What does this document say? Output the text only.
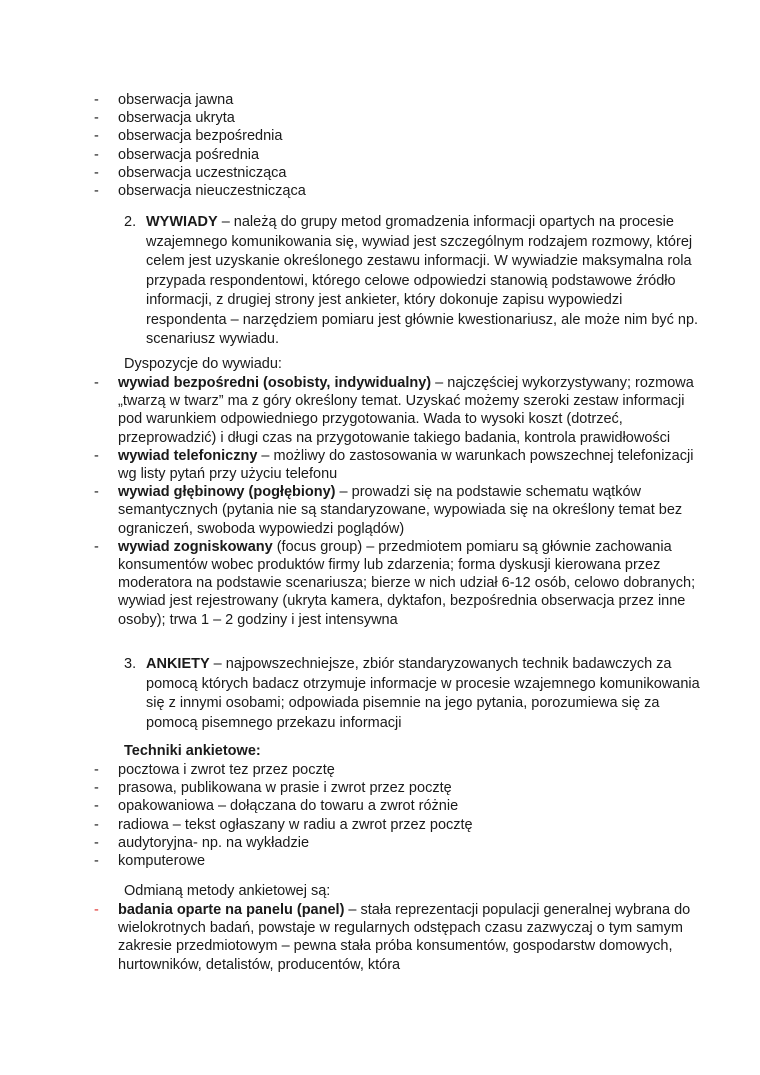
- obserwacja jawna
- obserwacja ukryta
- obserwacja bezpośrednia
- obserwacja pośrednia
- obserwacja uczestnicząca
- obserwacja nieuczestnicząca
2. WYWIADY – należą do grupy metod gromadzenia informacji opartych na procesie wzajemnego komunikowania się, wywiad jest szczególnym rodzajem rozmowy, której celem jest uzyskanie określonego zestawu informacji. W wywiadzie maksymalna rola przypada respondentowi, którego celowe odpowiedzi stanowią podstawowe źródło informacji, z drugiej strony jest ankieter, który dokonuje zapisu wypowiedzi respondenta – narzędziem pomiaru jest głównie kwestionariusz, ale może nim być np. scenariusz wywiadu.
Dyspozycje do wywiadu:
- wywiad bezpośredni (osobisty, indywidualny) – najczęściej wykorzystywany; rozmowa „twarzą w twarz” ma z góry określony temat. Uzyskać możemy szeroki zestaw informacji pod warunkiem odpowiedniego przygotowania. Wada to wysoki koszt (dotrzeć, przeprowadzić) i długi czas na przygotowanie takiego badania, kontrola prawidłowości
- wywiad telefoniczny – możliwy do zastosowania w warunkach powszechnej telefonizacji wg listy pytań przy użyciu telefonu
- wywiad głębinowy (pogłębiony) – prowadzi się na podstawie schematu wątków semantycznych (pytania nie są standaryzowane, wypowiada się na określony temat bez ograniczeń, swoboda wypowiedzi poglądów)
- wywiad zogniskowany (focus group) – przedmiotem pomiaru są głównie zachowania konsumentów wobec produktów firmy lub zdarzenia; forma dyskusji kierowana przez moderatora na podstawie scenariusza; bierze w nich udział 6-12 osób, celowo dobranych; wywiad jest rejestrowany (ukryta kamera, dyktafon, bezpośrednia obserwacja przez inne osoby); trwa 1 – 2 godziny i jest intensywna
3. ANKIETY – najpowszechniejsze, zbiór standaryzowanych technik badawczych za pomocą których badacz otrzymuje informacje w procesie wzajemnego komunikowania się z innymi osobami; odpowiada pisemnie na jego pytania, porozumiewa się za pomocą pisemnego przekazu informacji
Techniki ankietowe:
- pocztowa i zwrot tez przez pocztę
- prasowa, publikowana w prasie i zwrot przez pocztę
- opakowaniowa – dołączana do towaru a zwrot różnie
- radiowa – tekst ogłaszany w radiu a zwrot przez pocztę
- audytoryjna- np. na wykładzie
- komputerowe
Odmianą metody ankietowej są:
- badania oparte na panelu (panel) – stała reprezentacji populacji generalnej wybrana do wielokrotnych badań, powstaje w regularnych odstępach czasu zazwyczaj o tym samym zakresie przedmiotowym – pewna stała próba konsumentów, gospodarstw domowych, hurtowników, detalistów, producentów, która
